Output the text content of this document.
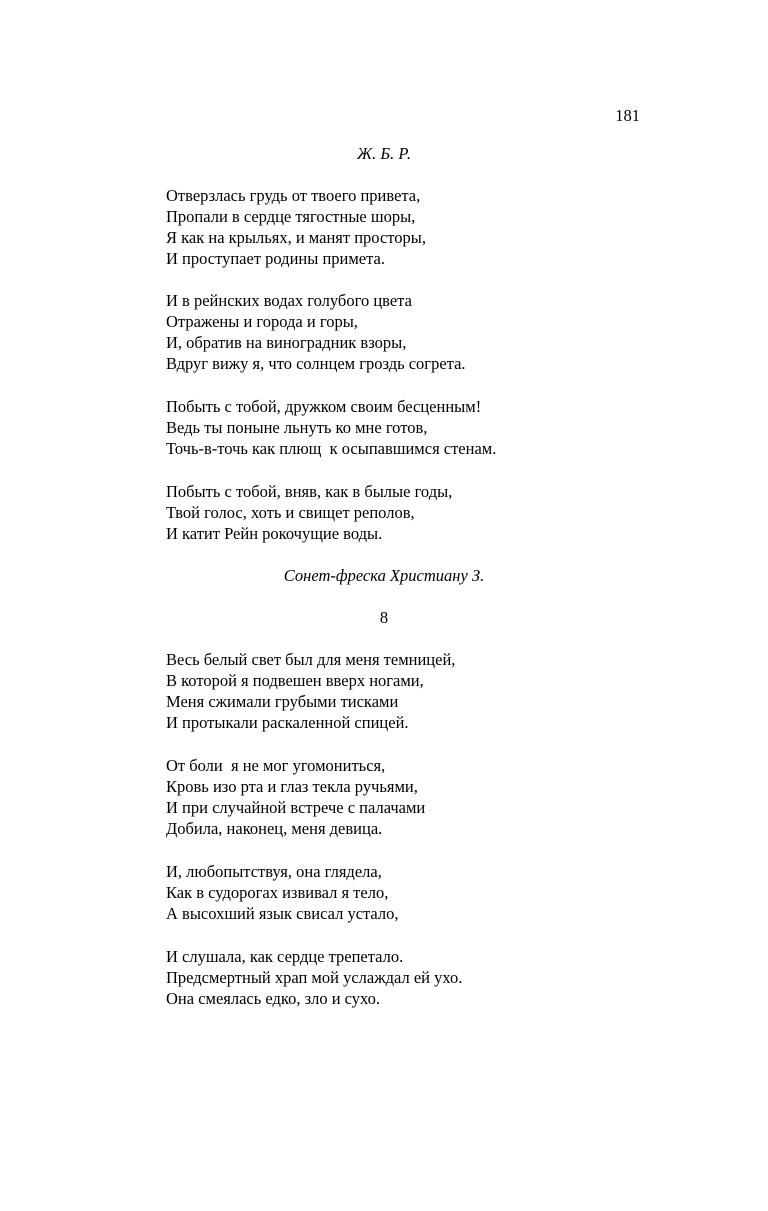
181
Ж. Б. Р.
Отверзлась грудь от твоего привета,
Пропали в сердце тягостные шоры,
Я как на крыльях, и манят просторы,
И проступает родины примета.
И в рейнских водах голубого цвета
Отражены и города и горы,
И, обратив на виноградник взоры,
Вдруг вижу я, что солнцем гроздь согрета.
Побыть с тобой, дружком своим бесценным!
Ведь ты поныне льнуть ко мне готов,
Точь-в-точь как плющ  к осыпавшимся стенам.
Побыть с тобой, вняв, как в былые годы,
Твой голос, хоть и свищет реполов,
И катит Рейн рокочущие воды.
Сонет-фреска Христиану З.
8
Весь белый свет был для меня темницей,
В которой я подвешен вверх ногами,
Меня сжимали грубыми тисками
И протыкали раскаленной спицей.
От боли  я не мог угомониться,
Кровь изо рта и глаз текла ручьями,
И при случайной встрече с палачами
Добила, наконец, меня девица.
И, любопытствуя, она глядела,
Как в судорогах извивал я тело,
А высохший язык свисал устало,
И слушала, как сердце трепетало.
Предсмертный храп мой услаждал ей ухо.
Она смеялась едко, зло и сухо.
